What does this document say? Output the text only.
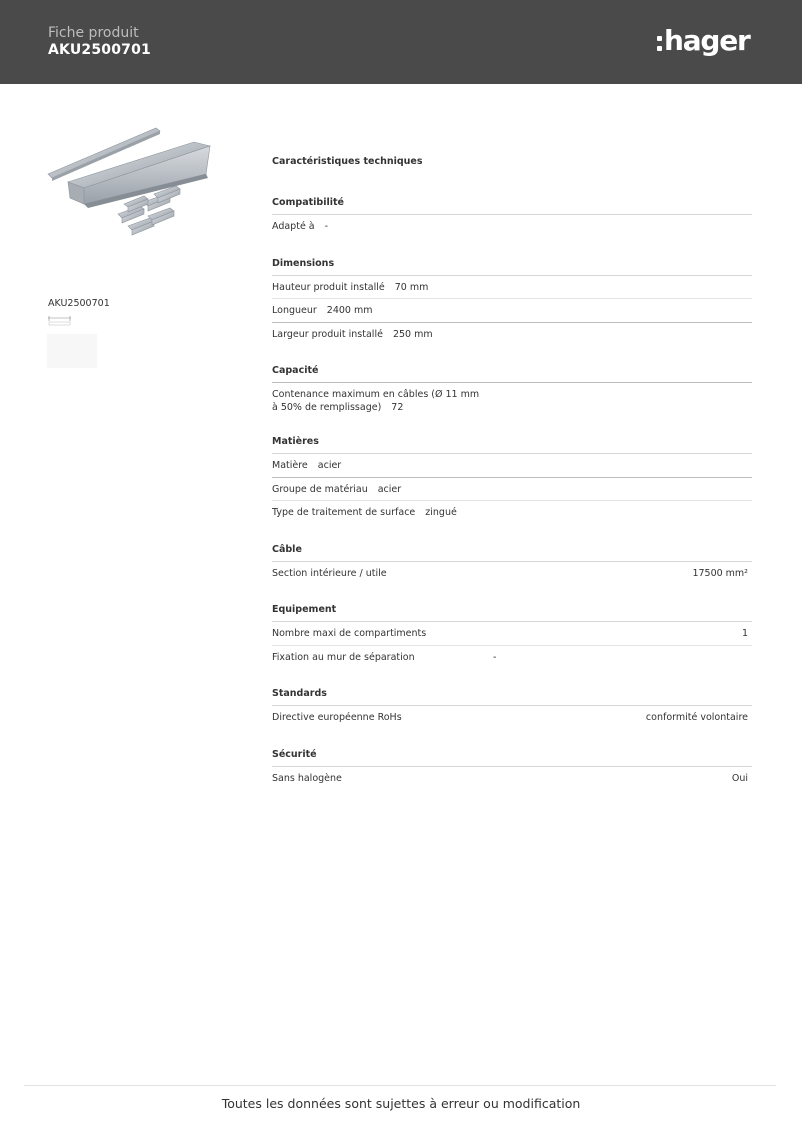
Fiche produit
AKU2500701	hager
AKU2500701
Caractéristiques techniques
Compatibilité
Adapté à -
Dimensions
Hauteur produit installé 70 mm
Longueur 2400 mm
Largeur produit installé 250 mm
Capacité
Contenance maximum en câbles (Ø 11 mm
à 50% de remplissage) 72
Matières
Matière acier
Groupe de matériau acier
Type de traitement de surface zingué
Câble
Section intérieure / utile	17500 mm²
Equipement
Nombre maxi de compartiments	1
Fixation au mur de séparation	-
Standards
Directive européenne RoHs	conformité volontaire
Sécurité
Sans halogène	Oui
Toutes les données sont sujettes à erreur ou modification
